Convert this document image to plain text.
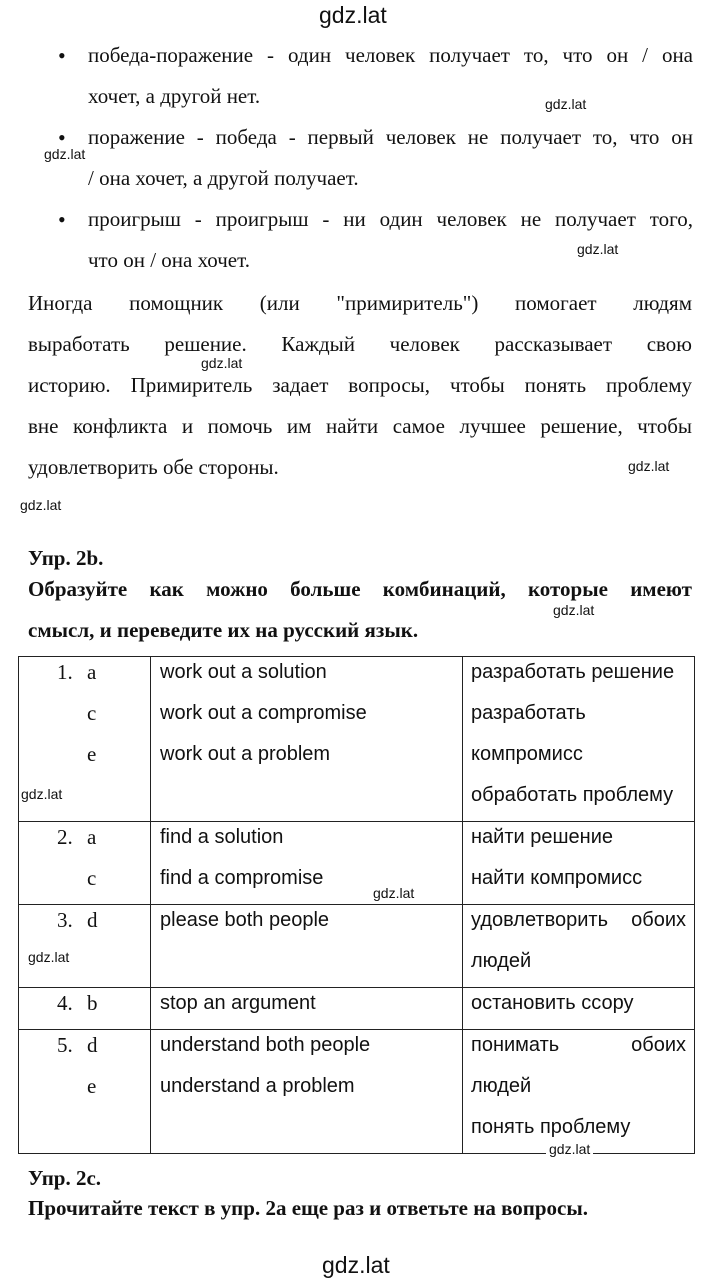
gdz.lat
gdz.lat
gdz.lat
gdz.lat
gdz.lat
gdz.lat
gdz.lat
gdz.lat
gdz.lat
gdz.lat
gdz.lat
gdz.lat
gdz.lat
• победа-поражение - один человек получает то, что он / она
хочет, а другой нет.
• поражение - победа - первый человек не получает то, что он
/ она хочет, а другой получает.
• проигрыш - проигрыш - ни один человек не получает того,
что он / она хочет.
Иногда помощник (или "примиритель") помогает людям
выработать решение. Каждый человек рассказывает свою
историю. Примиритель задает вопросы, чтобы понять проблему
вне конфликта и помочь им найти самое лучшее решение, чтобы
удовлетворить обе стороны.
Упр. 2b.
Образуйте как можно больше комбинаций, которые имеют
смысл, и переведите их на русский язык.
1. a
c
e	work out a solution
work out a compromise
work out a problem	разработать решение
разработать
компромисс
обработать проблему

2. a
c	find a solution
find a compromise	найти решение
найти компромисс

3. d	please both people	удовлетворить обоих
людей

4. b	stop an argument	остановить ссору

5. d
e	understand both people
understand a problem	понимать обоих
людей
понять проблему
Упр. 2c.
Прочитайте текст в упр. 2a еще раз и ответьте на вопросы.
